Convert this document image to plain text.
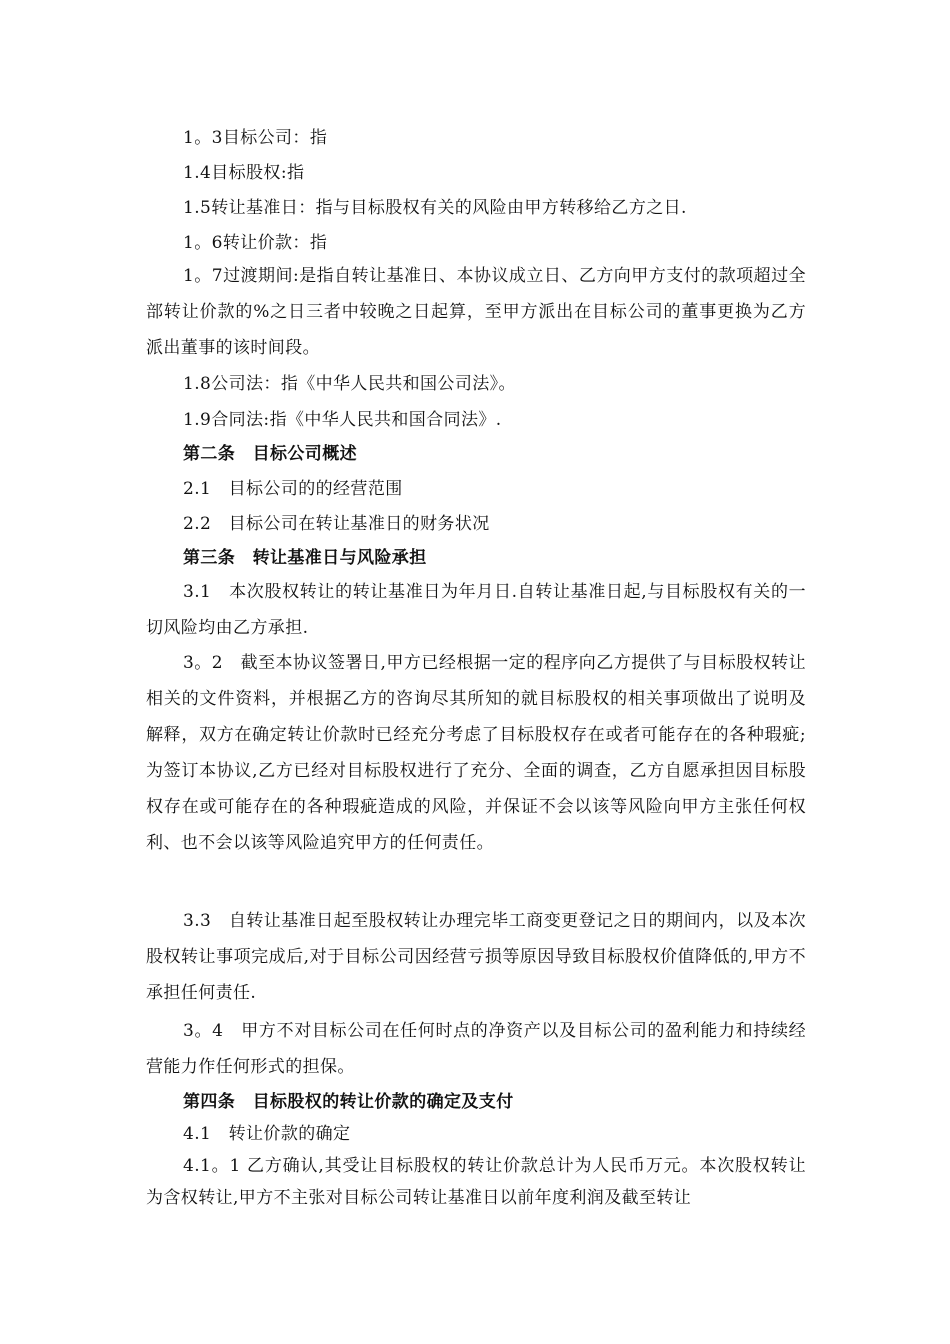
1。3目标公司：指

1.4目标股权:指

1.5转让基准日：指与目标股权有关的风险由甲方转移给乙方之日.

1。6转让价款：指

1。7过渡期间:是指自转让基准日、本协议成立日、乙方向甲方支付的款项超过全部转让价款的%之日三者中较晚之日起算，至甲方派出在目标公司的董事更换为乙方派出董事的该时间段。

1.8公司法：指《中华人民共和国公司法》。

1.9合同法:指《中华人民共和国合同法》.

第二条　目标公司概述

2.1　目标公司的的经营范围

2.2　目标公司在转让基准日的财务状况

第三条　转让基准日与风险承担

3.1　本次股权转让的转让基准日为年月日.自转让基准日起,与目标股权有关的一切风险均由乙方承担.

3。2　截至本协议签署日,甲方已经根据一定的程序向乙方提供了与目标股权转让相关的文件资料，并根据乙方的咨询尽其所知的就目标股权的相关事项做出了说明及解释，双方在确定转让价款时已经充分考虑了目标股权存在或者可能存在的各种瑕疵;为签订本协议,乙方已经对目标股权进行了充分、全面的调查，乙方自愿承担因目标股权存在或可能存在的各种瑕疵造成的风险，并保证不会以该等风险向甲方主张任何权利、也不会以该等风险追究甲方的任何责任。

3.3　自转让基准日起至股权转让办理完毕工商变更登记之日的期间内，以及本次股权转让事项完成后,对于目标公司因经营亏损等原因导致目标股权价值降低的,甲方不承担任何责任.

3。4　甲方不对目标公司在任何时点的净资产以及目标公司的盈利能力和持续经营能力作任何形式的担保。

第四条　目标股权的转让价款的确定及支付

4.1　转让价款的确定

4.1。1 乙方确认,其受让目标股权的转让价款总计为人民币万元。本次股权转让为含权转让,甲方不主张对目标公司转让基准日以前年度利润及截至转让
